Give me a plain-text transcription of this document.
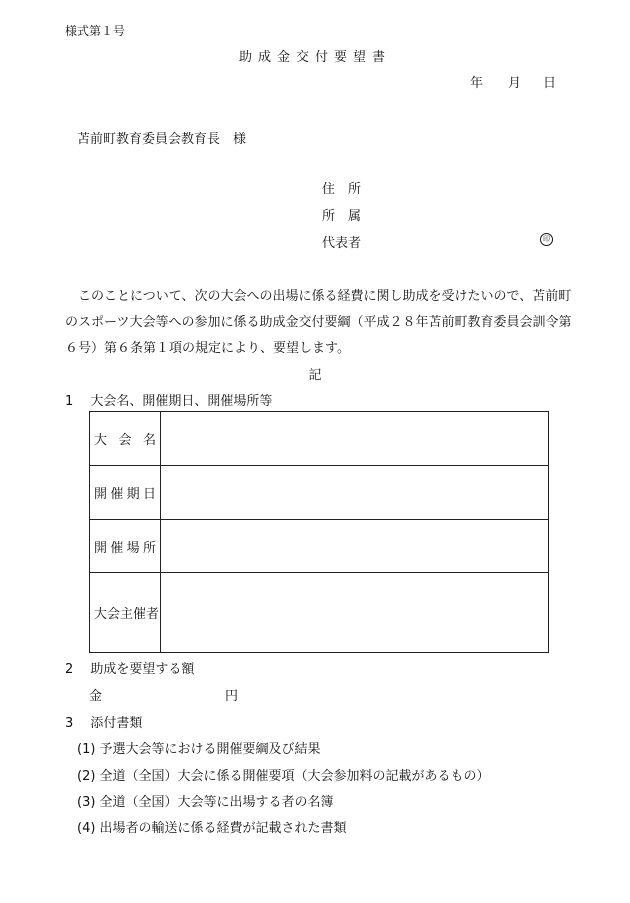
様式第１号
助成金交付要望書
年 月 日
苫前町教育委員会教育長　様
住　所
所　属
代表者	印
このことについて、次の大会への出場に係る経費に関し助成を受けたいので、苫前町のスポーツ大会等への参加に係る助成金交付要綱（平成２８年苫前町教育委員会訓令第６号）第６条第１項の規定により、要望します。
記
1　 大会名、開催期日、開催場所等
大 会 名	

開 催 期 日	

開 催 場 所	

大会主催者	
2　 助成を要望する額
金	円
3　 添付書類
(1) 予選大会等における開催要綱及び結果
(2) 全道（全国）大会に係る開催要項（大会参加料の記載があるもの）
(3) 全道（全国）大会等に出場する者の名簿
(4) 出場者の輸送に係る経費が記載された書類
